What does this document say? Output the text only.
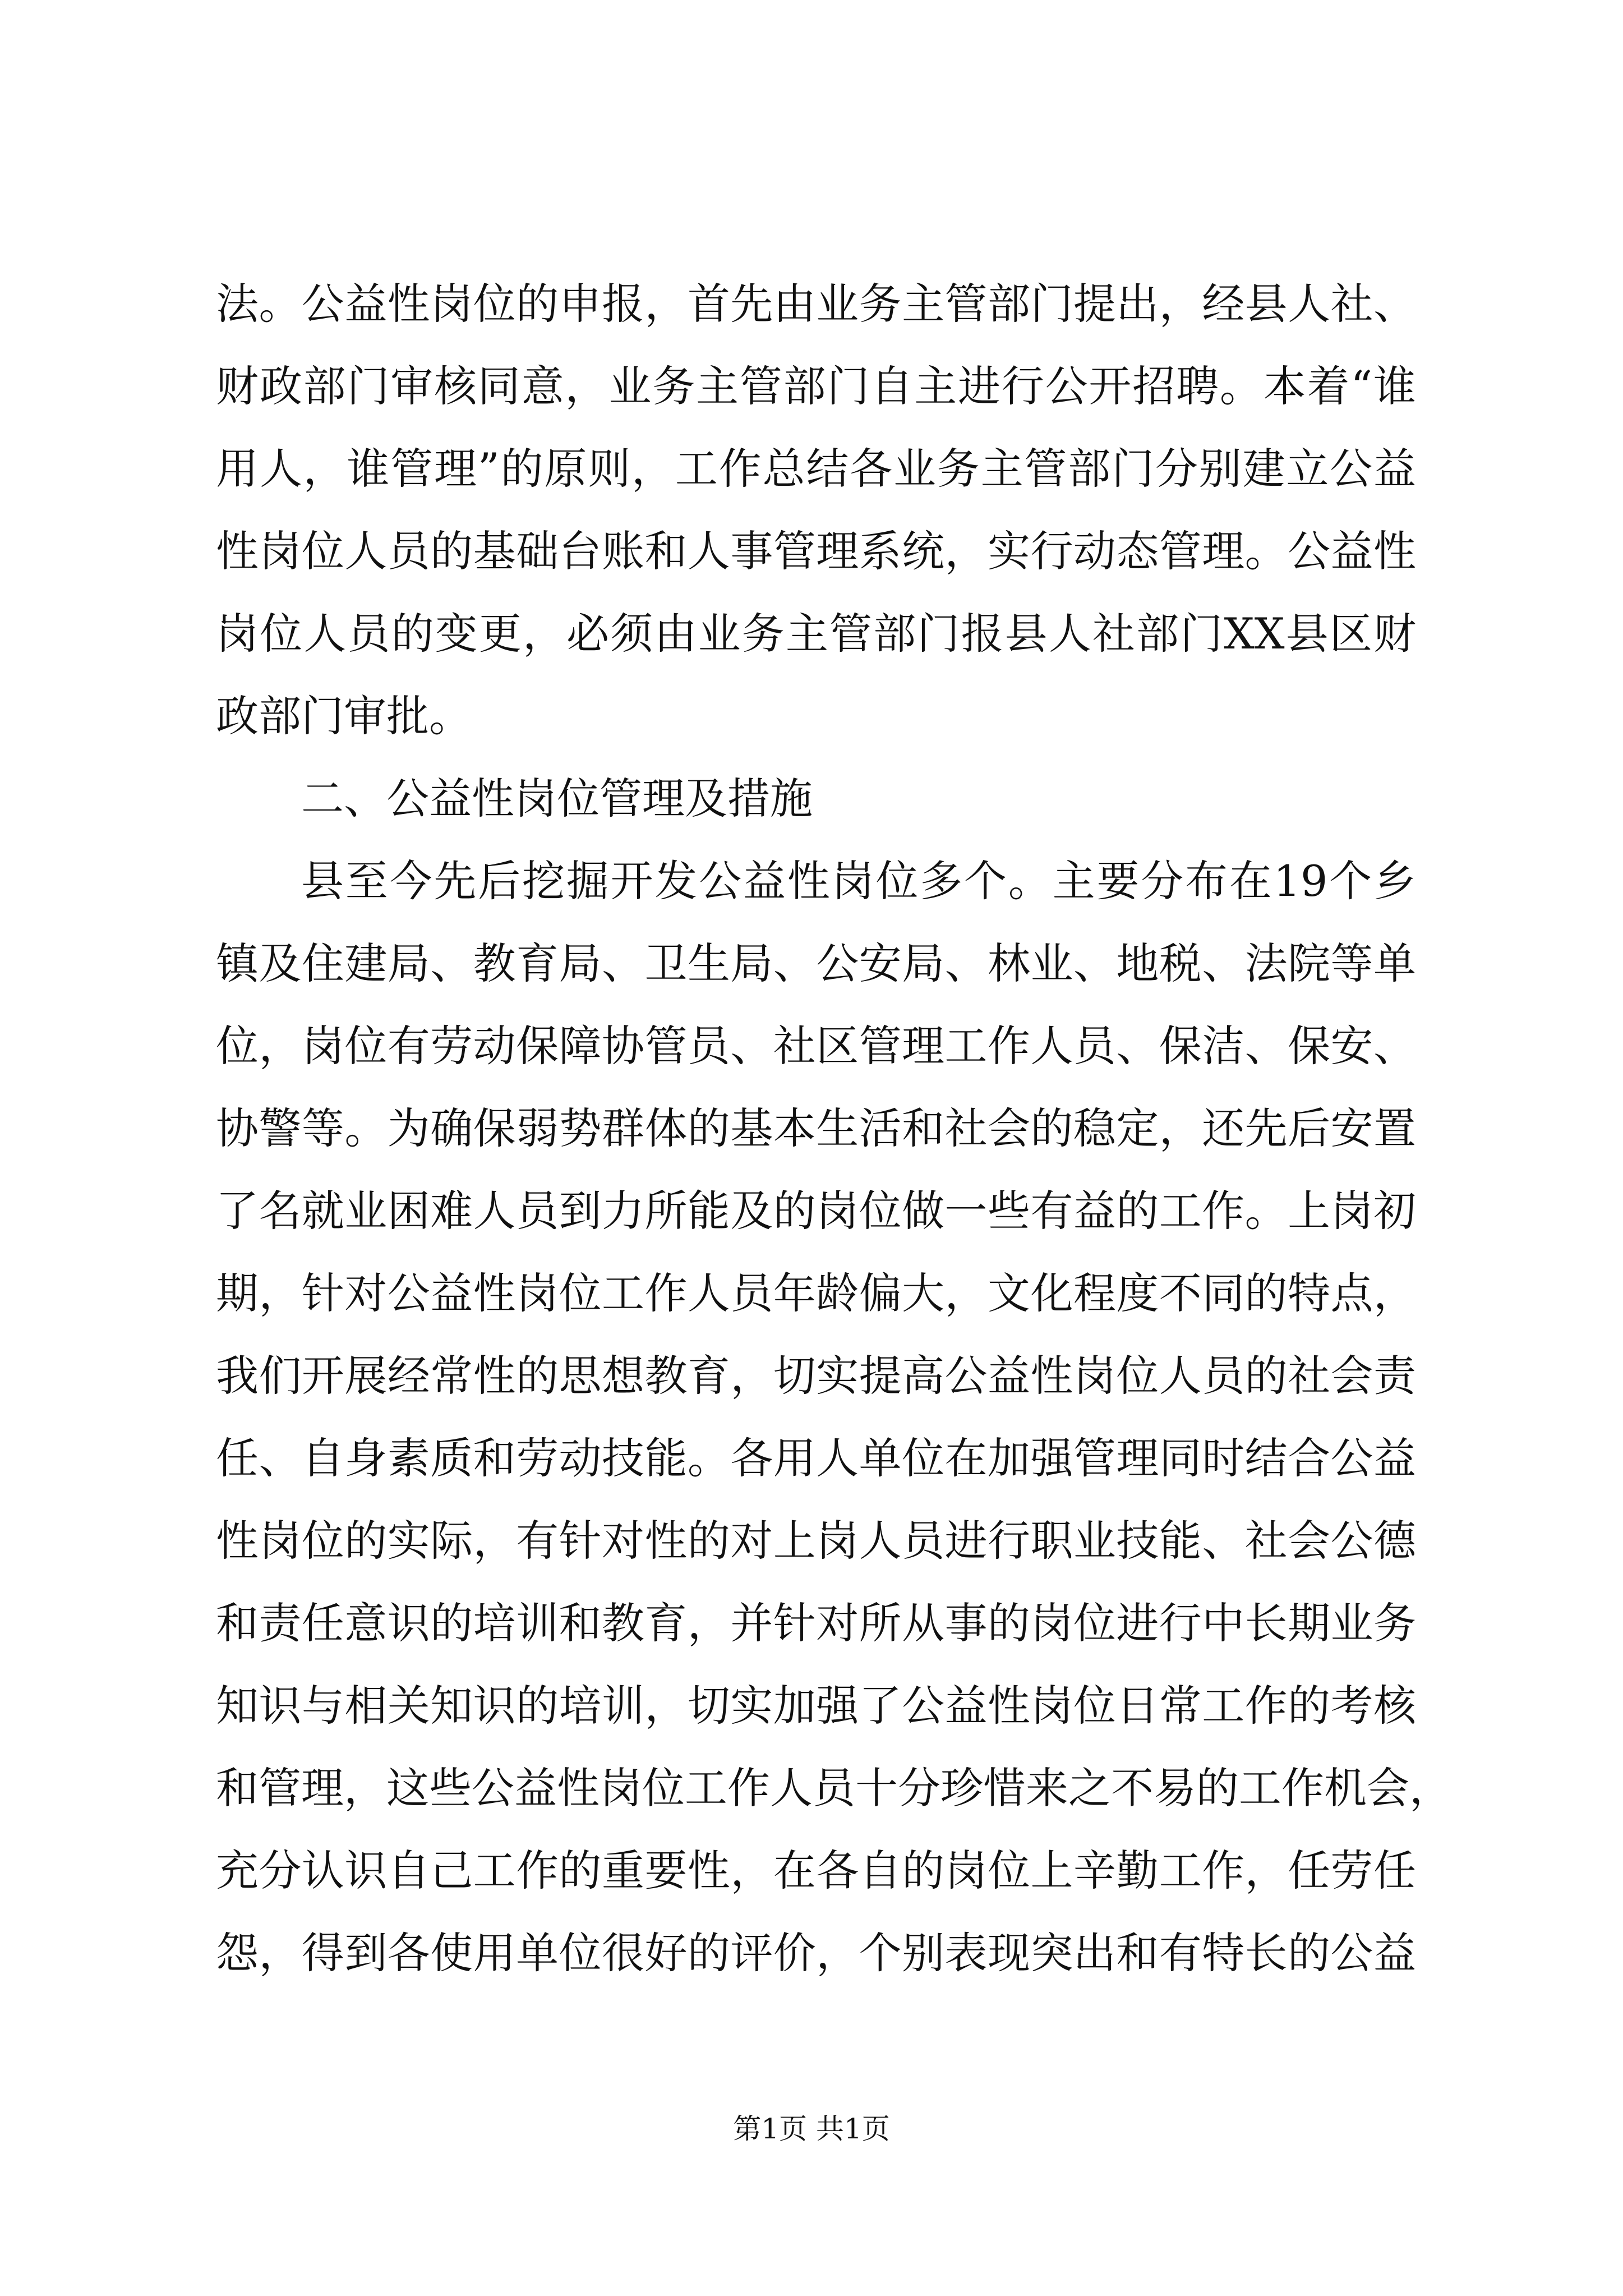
法。公益性岗位的申报，首先由业务主管部门提出，经县人社、
财政部门审核同意，业务主管部门自主进行公开招聘。本着“谁
用人，谁管理”的原则，工作总结各业务主管部门分别建立公益
性岗位人员的基础台账和人事管理系统，实行动态管理。公益性
岗位人员的变更，必须由业务主管部门报县人社部门XX县区财
政部门审批。
二、公益性岗位管理及措施
县至今先后挖掘开发公益性岗位多个。主要分布在19个乡
镇及住建局、教育局、卫生局、公安局、林业、地税、法院等单
位，岗位有劳动保障协管员、社区管理工作人员、保洁、保安、
协警等。为确保弱势群体的基本生活和社会的稳定，还先后安置
了名就业困难人员到力所能及的岗位做一些有益的工作。上岗初
期，针对公益性岗位工作人员年龄偏大，文化程度不同的特点，
我们开展经常性的思想教育，切实提高公益性岗位人员的社会责
任、自身素质和劳动技能。各用人单位在加强管理同时结合公益
性岗位的实际，有针对性的对上岗人员进行职业技能、社会公德
和责任意识的培训和教育，并针对所从事的岗位进行中长期业务
知识与相关知识的培训，切实加强了公益性岗位日常工作的考核
和管理，这些公益性岗位工作人员十分珍惜来之不易的工作机会，
充分认识自己工作的重要性，在各自的岗位上辛勤工作，任劳任
怨，得到各使用单位很好的评价，个别表现突出和有特长的公益
第1页 共1页
